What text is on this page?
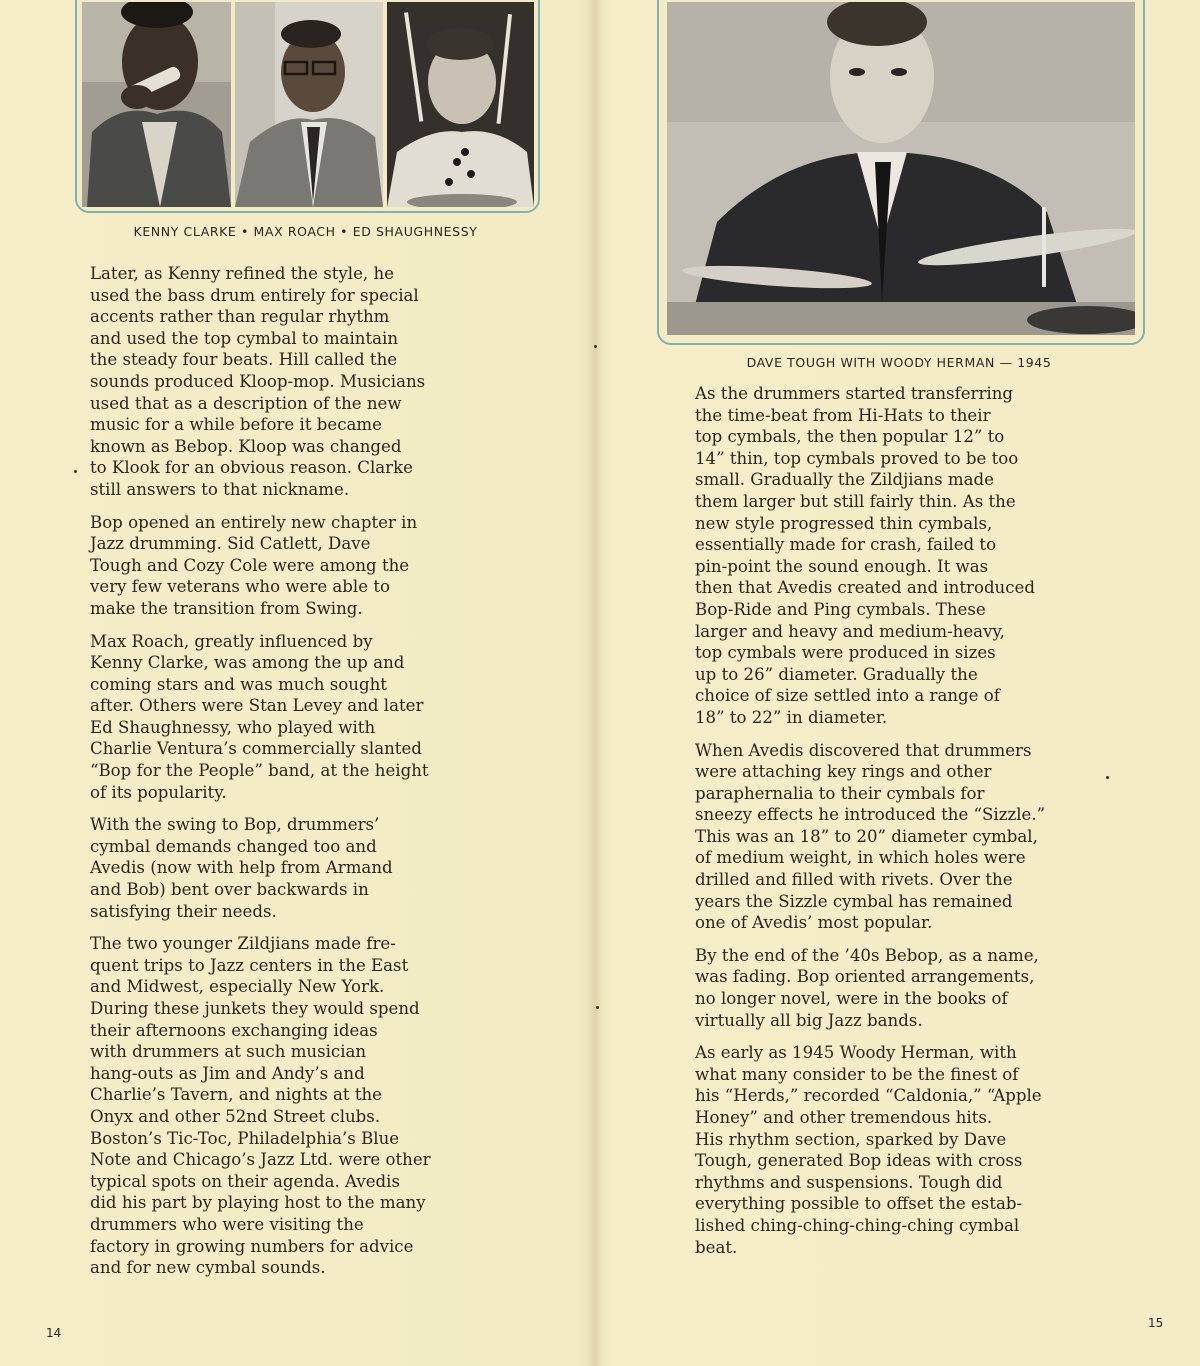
KENNY CLARKE • MAX ROACH • ED SHAUGHNESSY

Later, as Kenny refined the style, he
used the bass drum entirely for special
accents rather than regular rhythm
and used the top cymbal to maintain
the steady four beats. Hill called the
sounds produced Kloop-mop. Musicians
used that as a description of the new
music for a while before it became
known as Bebop. Kloop was changed
to Klook for an obvious reason. Clarke
still answers to that nickname.

Bop opened an entirely new chapter in
Jazz drumming. Sid Catlett, Dave
Tough and Cozy Cole were among the
very few veterans who were able to
make the transition from Swing.

Max Roach, greatly influenced by
Kenny Clarke, was among the up and
coming stars and was much sought
after. Others were Stan Levey and later
Ed Shaughnessy, who played with
Charlie Ventura’s commercially slanted
“Bop for the People” band, at the height
of its popularity.

With the swing to Bop, drummers’
cymbal demands changed too and
Avedis (now with help from Armand
and Bob) bent over backwards in
satisfying their needs.

The two younger Zildjians made fre-
quent trips to Jazz centers in the East
and Midwest, especially New York.
During these junkets they would spend
their afternoons exchanging ideas
with drummers at such musician
hang-outs as Jim and Andy’s and
Charlie’s Tavern, and nights at the
Onyx and other 52nd Street clubs.
Boston’s Tic-Toc, Philadelphia’s Blue
Note and Chicago’s Jazz Ltd. were other
typical spots on their agenda. Avedis
did his part by playing host to the many
drummers who were visiting the
factory in growing numbers for advice
and for new cymbal sounds.

14
DAVE TOUGH WITH WOODY HERMAN — 1945

As the drummers started transferring
the time-beat from Hi-Hats to their
top cymbals, the then popular 12” to
14” thin, top cymbals proved to be too
small. Gradually the Zildjians made
them larger but still fairly thin. As the
new style progressed thin cymbals,
essentially made for crash, failed to
pin-point the sound enough. It was
then that Avedis created and introduced
Bop-Ride and Ping cymbals. These
larger and heavy and medium-heavy,
top cymbals were produced in sizes
up to 26” diameter. Gradually the
choice of size settled into a range of
18” to 22” in diameter.

When Avedis discovered that drummers
were attaching key rings and other
paraphernalia to their cymbals for
sneezy effects he introduced the “Sizzle.”
This was an 18” to 20” diameter cymbal,
of medium weight, in which holes were
drilled and filled with rivets. Over the
years the Sizzle cymbal has remained
one of Avedis’ most popular.

By the end of the ’40s Bebop, as a name,
was fading. Bop oriented arrangements,
no longer novel, were in the books of
virtually all big Jazz bands.

As early as 1945 Woody Herman, with
what many consider to be the finest of
his “Herds,” recorded “Caldonia,” “Apple
Honey” and other tremendous hits.
His rhythm section, sparked by Dave
Tough, generated Bop ideas with cross
rhythms and suspensions. Tough did
everything possible to offset the estab-
lished ching-ching-ching-ching cymbal
beat.

15
